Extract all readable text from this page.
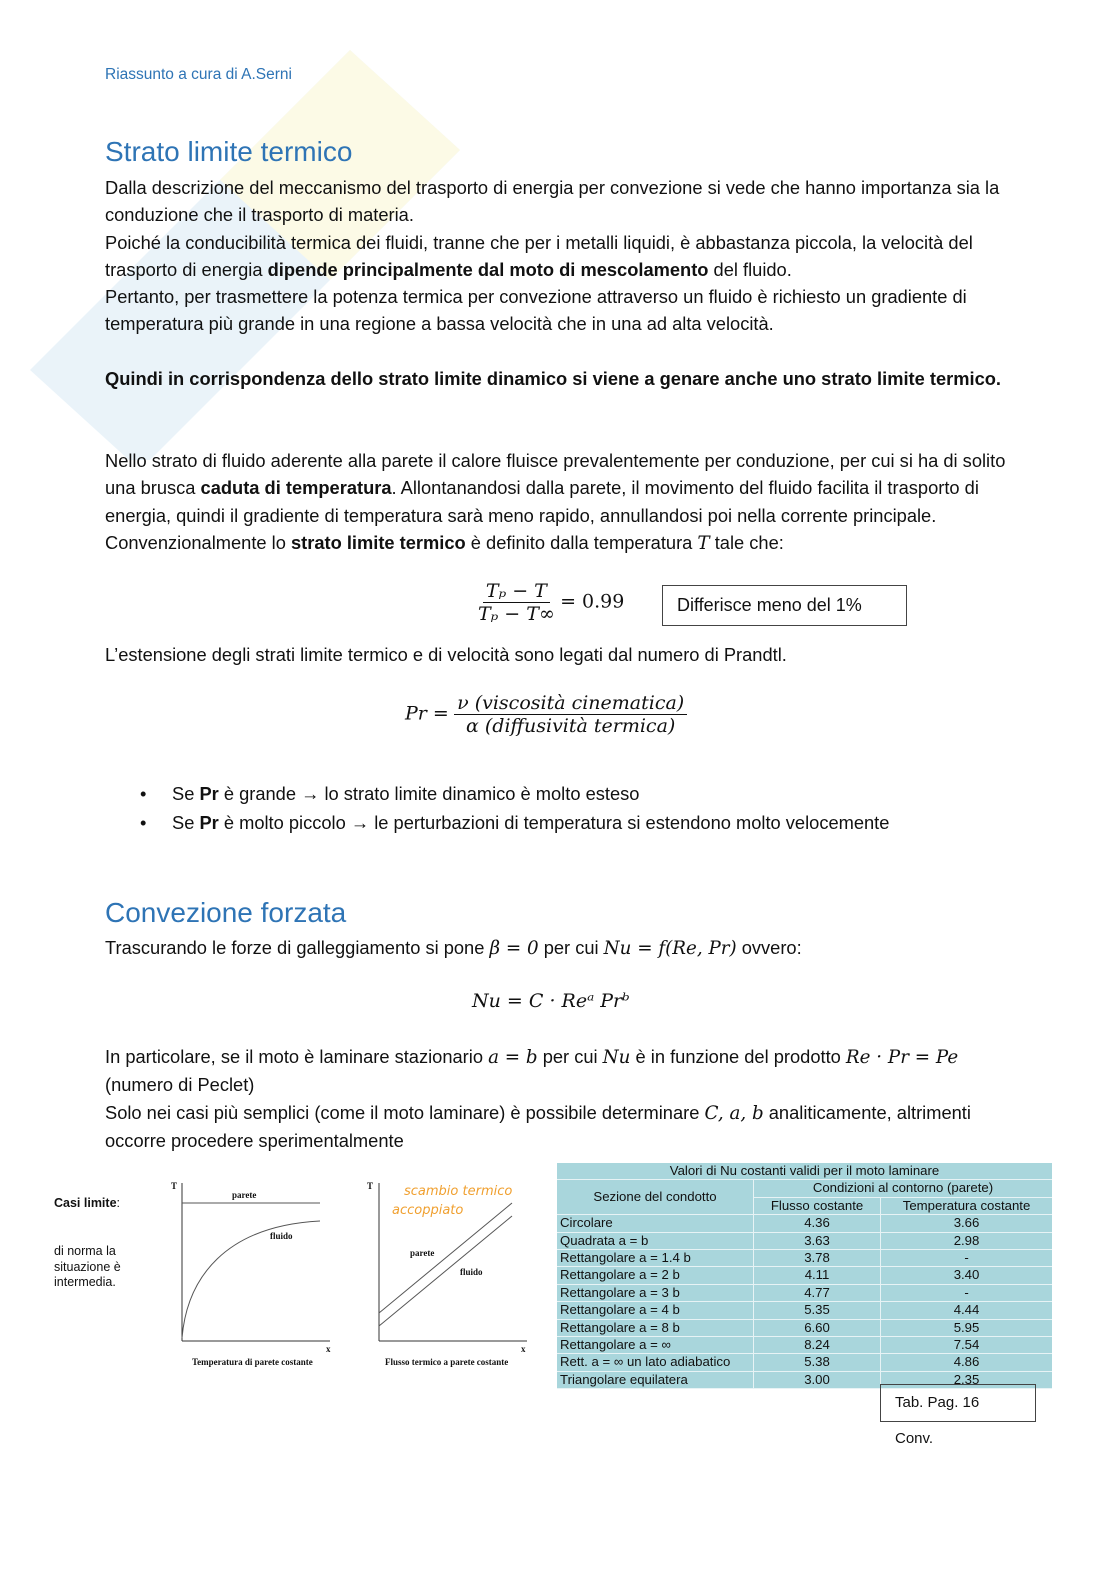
Riassunto a cura di A.Serni
Strato limite termico
Dalla descrizione del meccanismo del trasporto di energia per convezione si vede che hanno importanza sia la conduzione che il trasporto di materia.
Poiché la conducibilità termica dei fluidi, tranne che per i metalli liquidi, è abbastanza piccola, la velocità del trasporto di energia dipende principalmente dal moto di mescolamento del fluido.
Pertanto, per trasmettere la potenza termica per convezione attraverso un fluido è richiesto un gradiente di temperatura più grande in una regione a bassa velocità che in una ad alta velocità.
Quindi in corrispondenza dello strato limite dinamico si viene a genare anche uno strato limite termico.
Nello strato di fluido aderente alla parete il calore fluisce prevalentemente per conduzione, per cui si ha di solito una brusca caduta di temperatura. Allontanandosi dalla parete, il movimento del fluido facilita il trasporto di energia, quindi il gradiente di temperatura sarà meno rapido, annullandosi poi nella corrente principale. Convenzionalmente lo strato limite termico è definito dalla temperatura T tale che:
$\frac{\text{Tₚ − T}}{\text{Tₚ − T∞}} = 0.99$	Differisce meno del 1%
L’estensione degli strati limite termico e di velocità sono legati dal numero di Prandtl.
$Pr = \frac{\text{ν (viscosità cinematica)}}{\text{α (diffusività termica)}}$
• Se Pr è grande → lo strato limite dinamico è molto esteso
• Se Pr è molto piccolo → le perturbazioni di temperatura si estendono molto velocemente
Convezione forzata
Trascurando le forze di galleggiamento si pone β = 0 per cui Nu = f(Re, Pr) ovvero:
Nu = C · Reᵃ Prᵇ
In particolare, se il moto è laminare stazionario a = b per cui Nu è in funzione del prodotto Re · Pr = Pe (numero di Peclet)
Solo nei casi più semplici (come il moto laminare) è possibile determinare C, a, b analiticamente, altrimenti occorre procedere sperimentalmente
Casi limite:
di norma la situazione è intermedia.
T
x
parete
fluido
Temperatura di parete costante
T
x
parete
fluido
Flusso termico a parete costante
scambio termico
accoppiato
Valori di Nu costanti validi per il moto laminare		
Sezione del condotto	Condizioni al contorno (parete)	
	Flusso costante	Temperatura costante
Circolare	4.36	3.66
Quadrata a = b	3.63	2.98
Rettangolare a = 1.4 b	3.78	-
Rettangolare a = 2 b	4.11	3.40
Rettangolare a = 3 b	4.77	-
Rettangolare a = 4 b	5.35	4.44
Rettangolare a = 8 b	6.60	5.95
Rettangolare a = ∞	8.24	7.54
Rett. a = ∞ un lato adiabatico	5.38	4.86
Triangolare equilatera	3.00	2.35
Tab. Pag. 16 Conv.
